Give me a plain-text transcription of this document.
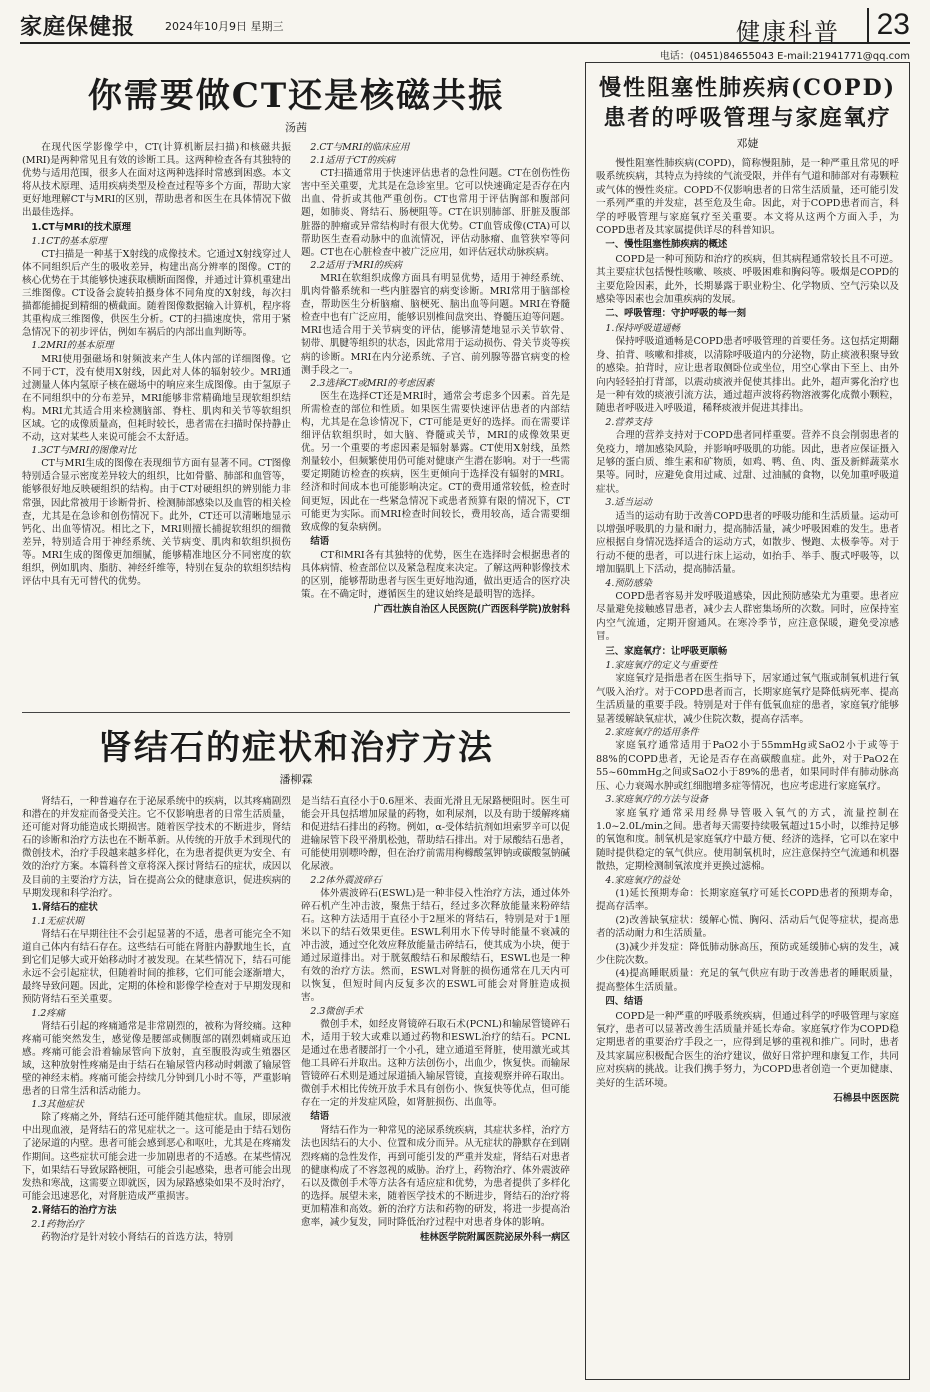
家庭保健报	2024年10月9日 星期三	健康科普	23
电话：(0451)84655043 E-mail:21941771@qq.com
你需要做CT还是核磁共振
汤茜

在现代医学影像学中，CT(计算机断层扫描)和核磁共振(MRI)是两种常见且有效的诊断工具。这两种检查各有其独特的优势与适用范围，很多人在面对这两种选择时常感到困惑。本文将从技术原理、适用疾病类型及检查过程等多个方面，帮助大家更好地理解CT与MRI的区别，帮助患者和医生在具体情况下做出最佳选择。

1.CT与MRI的技术原理
1.1CT的基本原理

CT扫描是一种基于X射线的成像技术。它通过X射线穿过人体不同组织后产生的吸收差异，构建出高分辨率的图像。CT的核心优势在于其能够快速获取横断面图像，并通过计算机重建出三维图像。CT设备会旋转拍摄身体不同角度的X射线，每次扫描都能捕捉到精细的横截面。随着图像数据输入计算机，程序将其重构成三维图像，供医生分析。CT的扫描速度快，常用于紧急情况下的初步评估，例如车祸后的内部出血判断等。

1.2MRI的基本原理

MRI使用强磁场和射频波来产生人体内部的详细图像。它不同于CT，没有使用X射线，因此对人体的辐射较少。MRI通过测量人体内氢原子核在磁场中的响应来生成图像。由于氢原子在不同组织中的分布差异，MRI能够非常精确地呈现软组织结构。MRI尤其适合用来检测脑部、脊柱、肌肉和关节等软组织区域。它的成像质量高，但耗时较长，患者需在扫描时保持静止不动，这对某些人来说可能会不太舒适。

1.3CT与MRI的图像对比

CT与MRI生成的图像在表现细节方面有显著不同。CT图像特别适合显示密度差异较大的组织，比如骨骼、肺部和血管等，能够很好地反映硬组织的结构。由于CT对硬组织的辨别能力非常强，因此常被用于诊断骨折、检测肺部感染以及血管的相关检查，尤其是在急诊和创伤情况下。此外，CT还可以清晰地显示钙化、出血等情况。相比之下，MRI则擅长捕捉软组织的细微差异，特别适合用于神经系统、关节病变、肌肉和软组织损伤等。MRI生成的图像更加细腻，能够精准地区分不同密度的软组织，例如肌肉、脂肪、神经纤维等，特别在复杂的软组织结构评估中具有无可替代的优势。

2.CT与MRI的临床应用
2.1适用于CT的疾病

CT扫描通常用于快速评估患者的急性问题。CT在创伤性伤害中至关重要，尤其是在急诊室里。它可以快速确定是否存在内出血、骨折或其他严重创伤。CT也常用于评估胸部和腹部问题，如肺炎、肾结石、肠梗阻等。CT在识别肺部、肝脏及腹部脏器的肿瘤或异常结构时有很大优势。CT血管成像(CTA)可以帮助医生查看动脉中的血流情况，评估动脉瘤、血管狭窄等问题。CT也在心脏检查中被广泛应用，如评估冠状动脉疾病。

2.2适用于MRI的疾病

MRI在软组织成像方面具有明显优势，适用于神经系统、肌肉骨骼系统和一些内脏器官的病变诊断。MRI常用于脑部检查，帮助医生分析脑瘤、脑梗死、脑出血等问题。MRI在脊髓检查中也有广泛应用，能够识别椎间盘突出、脊髓压迫等问题。MRI也适合用于关节病变的评估，能够清楚地显示关节软骨、韧带、肌腱等组织的状态，因此常用于运动损伤、骨关节炎等疾病的诊断。MRI在内分泌系统、子宫、前列腺等器官病变的检测手段之一。

2.3选择CT或MRI的考虑因素

医生在选择CT还是MRI时，通常会考虑多个因素。首先是所需检查的部位和性质。如果医生需要快速评估患者的内部结构，尤其是在急诊情况下，CT可能是更好的选择。而在需要详细评估软组织时，如大脑、脊髓或关节，MRI的成像效果更优。另一个重要的考虑因素是辐射暴露。CT使用X射线，虽然剂量较小，但频繁使用仍可能对健康产生潜在影响。对于一些需要定期随访检查的疾病，医生更倾向于选择没有辐射的MRI。经济和时间成本也可能影响决定。CT的费用通常较低，检查时间更短，因此在一些紧急情况下或患者预算有限的情况下，CT可能更为实际。而MRI检查时间较长，费用较高，适合需要细致成像的复杂病例。

结语

CT和MRI各有其独特的优势，医生在选择时会根据患者的具体病情、检查部位以及紧急程度来决定。了解这两种影像技术的区别，能够帮助患者与医生更好地沟通，做出更适合的医疗决策。在不确定时，遵循医生的建议始终是最明智的选择。

广西壮族自治区人民医院(广西医科学院)放射科
肾结石的症状和治疗方法
潘柳霖

肾结石，一种普遍存在于泌尿系统中的疾病，以其疼痛剧烈和潜在的并发症而备受关注。它不仅影响患者的日常生活质量，还可能对肾功能造成长期损害。随着医学技术的不断进步，肾结石的诊断和治疗方法也在不断革新。从传统的开放手术到现代的微创技术，治疗手段越来越多样化，在为患者提供更为安全、有效的治疗方案。本篇科普文章将深入探讨肾结石的症状，成因以及目前的主要治疗方法，旨在提高公众的健康意识，促进疾病的早期发现和科学治疗。

1.肾结石的症状
1.1无症状期

肾结石在早期往往不会引起显著的不适，患者可能完全不知道自己体内有结石存在。这些结石可能在肾脏内静默地生长，直到它们足够大或开始移动时才被发现。在某些情况下，结石可能永远不会引起症状，但随着时间的推移，它们可能会逐渐增大，最终导致问题。因此，定期的体检和影像学检查对于早期发现和预防肾结石至关重要。

1.2疼痛

肾结石引起的疼痛通常是非常剧烈的，被称为肾绞痛。这种疼痛可能突然发生，感觉像是腰部或侧腹部的剧烈刺痛或压迫感。疼痛可能会沿着输尿管向下放射，直至腹股沟或生殖器区域，这种放射性疼痛是由于结石在输尿管内移动时刺激了输尿管壁的神经末梢。疼痛可能会持续几分钟到几小时不等，严重影响患者的日常生活和活动能力。

1.3其他症状

除了疼痛之外，肾结石还可能伴随其他症状。血尿，即尿液中出现血液，是肾结石的常见症状之一。这可能是由于结石划伤了泌尿道的内壁。患者可能会感到恶心和呕吐，尤其是在疼痛发作期间。这些症状可能会进一步加剧患者的不适感。在某些情况下，如果结石导致尿路梗阻，可能会引起感染，患者可能会出现发热和寒战，这需要立即就医，因为尿路感染如果不及时治疗，可能会迅速恶化，对肾脏造成严重损害。

2.肾结石的治疗方法
2.1药物治疗

药物治疗是针对较小肾结石的首选方法，特别

是当结石直径小于0.6厘米、表面光滑且无尿路梗阻时。医生可能会开具包括增加尿量的药物，如利尿剂，以及有助于缓解疼痛和促进结石排出的药物。例如，α-受体结抗剂如坦索罗辛可以促进输尿管下段平滑肌松弛，帮助结石排出。对于尿酸结石患者，可能使用别嘌呤醇，但在治疗前需用枸橼酸氢钾钠或碳酸氢钠碱化尿液。

2.2体外震波碎石

体外震波碎石(ESWL)是一种非侵入性治疗方法，通过体外碎石机产生冲击波，聚焦于结石，经过多次释放能量来粉碎结石。这种方法适用于直径小于2厘米的肾结石，特别是对于1厘米以下的结石效果更佳。ESWL利用水下传导时能量不衰减的冲击波，通过空化效应释放能量击碎结石，使其成为小块，便于通过尿道排出。对于胱氨酸结石和尿酸结石，ESWL也是一种有效的治疗方法。然而，ESWL对肾脏的损伤通常在几天内可以恢复，但短时间内反复多次的ESWL可能会对肾脏造成损害。

2.3微创手术

微创手术，如经皮肾镜碎石取石术(PCNL)和输尿管镜碎石术，适用于较大或难以通过药物和ESWL治疗的结石。PCNL是通过在患者腰部打一个小孔，建立通道至肾脏，使用激光或其他工具碎石并取出。这种方法创伤小，出血少，恢复快。而输尿管镜碎石术则是通过尿道插入输尿管镜，直接观察并碎石取出。微创手术相比传统开放手术具有创伤小、恢复快等优点，但可能存在一定的并发症风险，如肾脏损伤、出血等。

结语

肾结石作为一种常见的泌尿系统疾病，其症状多样，治疗方法也因结石的大小、位置和成分而异。从无症状的静默存在到剧烈疼痛的急性发作，再到可能引发的严重并发症，肾结石对患者的健康构成了不容忽视的威胁。治疗上，药物治疗、体外震波碎石以及微创手术等方法各有适应症和优势，为患者提供了多样化的选择。展望未来，随着医学技术的不断进步，肾结石的治疗将更加精准和高效。新的治疗方法和药物的研发，将进一步提高治愈率，减少复发，同时降低治疗过程中对患者身体的影响。

桂林医学院附属医院泌尿外科一病区
慢性阻塞性肺疾病(COPD)患者的呼吸管理与家庭氧疗
邓婕

慢性阻塞性肺疾病(COPD)，简称慢阻肺，是一种严重且常见的呼吸系统疾病，其特点为持续的气流受限，并伴有气道和肺部对有毒颗粒或气体的慢性炎症。COPD不仅影响患者的日常生活质量，还可能引发一系列严重的并发症，甚至危及生命。因此，对于COPD患者而言，科学的呼吸管理与家庭氧疗至关重要。本文将从这两个方面入手，为COPD患者及其家属提供详尽的科普知识。

一、慢性阻塞性肺疾病的概述

COPD是一种可预防和治疗的疾病，但其病程通常较长且不可逆。其主要症状包括慢性咳嗽、咳痰、呼吸困难和胸闷等。吸烟是COPD的主要危险因素，此外，长期暴露于职业粉尘、化学物质、空气污染以及感染等因素也会加重疾病的发展。

二、呼吸管理：守护呼吸的每一刻
1.保持呼吸道通畅

保持呼吸道通畅是COPD患者呼吸管理的首要任务。这包括定期翻身、拍背、咳嗽和排痰，以清除呼吸道内的分泌物，防止痰液积聚导致的感染。拍背时，应让患者取侧卧位或坐位，用空心掌由下至上、由外向内轻轻拍打背部，以震动痰液并促使其排出。此外，超声雾化治疗也是一种有效的痰液引流方法，通过超声波将药物溶液雾化成微小颗粒，随患者呼吸进入呼吸道，稀释痰液并促进其排出。

2.营养支持

合理的营养支持对于COPD患者同样重要。营养不良会削弱患者的免疫力，增加感染风险，并影响呼吸肌的功能。因此，患者应保证摄入足够的蛋白质、维生素和矿物质，如鸡、鸭、鱼、肉、蛋及新鲜蔬菜水果等。同时，应避免食用过咸、过甜、过油腻的食物，以免加重呼吸道症状。

3.适当运动

适当的运动有助于改善COPD患者的呼吸功能和生活质量。运动可以增强呼吸肌的力量和耐力，提高肺活量，减少呼吸困难的发生。患者应根据自身情况选择适合的运动方式，如散步、慢跑、太极拳等。对于行动不便的患者，可以进行床上运动，如抬手、举手、腹式呼吸等，以增加膈肌上下活动，提高肺活量。

4.预防感染

COPD患者容易并发呼吸道感染，因此预防感染尤为重要。患者应尽量避免接触感冒患者，减少去人群密集场所的次数。同时，应保持室内空气流通，定期开窗通风。在寒冷季节，应注意保暖，避免受凉感冒。

三、家庭氧疗：让呼吸更顺畅
1.家庭氧疗的定义与重要性

家庭氧疗是指患者在医生指导下，居家通过氧气瓶或制氧机进行氧气吸入治疗。对于COPD患者而言，长期家庭氧疗是降低病死率、提高生活质量的重要手段。特别是对于伴有低氧血症的患者，家庭氧疗能够显著缓解缺氧症状，减少住院次数，提高存活率。

2.家庭氧疗的适用条件

家庭氧疗通常适用于PaO2小于55mmHg或SaO2小于或等于88%的COPD患者，无论是否存在高碳酸血症。此外，对于PaO2在55~60mmHg之间或SaO2小于89%的患者，如果同时伴有肺动脉高压、心力衰竭水肿或红细胞增多症等情况，也应考虑进行家庭氧疗。

3.家庭氧疗的方法与设备

家庭氧疗通常采用经鼻导管吸入氧气的方式，流量控制在1.0~2.0L/min之间。患者每天需要持续吸氧超过15小时，以维持足够的氧饱和度。制氧机是家庭氧疗中最方便、经济的选择，它可以在家中随时提供稳定的氧气供应。使用制氧机时，应注意保持空气流通和机器散热，定期检测制氧浓度并更换过滤棉。

4.家庭氧疗的益处

(1)延长预期寿命：长期家庭氧疗可延长COPD患者的预期寿命，提高存活率。

(2)改善缺氧症状：缓解心慌、胸闷、活动后气促等症状，提高患者的活动耐力和生活质量。

(3)减少并发症：降低肺动脉高压，预防或延缓肺心病的发生，减少住院次数。

(4)提高睡眠质量：充足的氧气供应有助于改善患者的睡眠质量，提高整体生活质量。

四、结语

COPD是一种严重的呼吸系统疾病，但通过科学的呼吸管理与家庭氧疗，患者可以显著改善生活质量并延长寿命。家庭氧疗作为COPD稳定期患者的重要治疗手段之一，应得到足够的重视和推广。同时，患者及其家属应积极配合医生的治疗建议，做好日常护理和康复工作，共同应对疾病的挑战。让我们携手努力，为COPD患者创造一个更加健康、美好的生活环境。

石棉县中医医院
